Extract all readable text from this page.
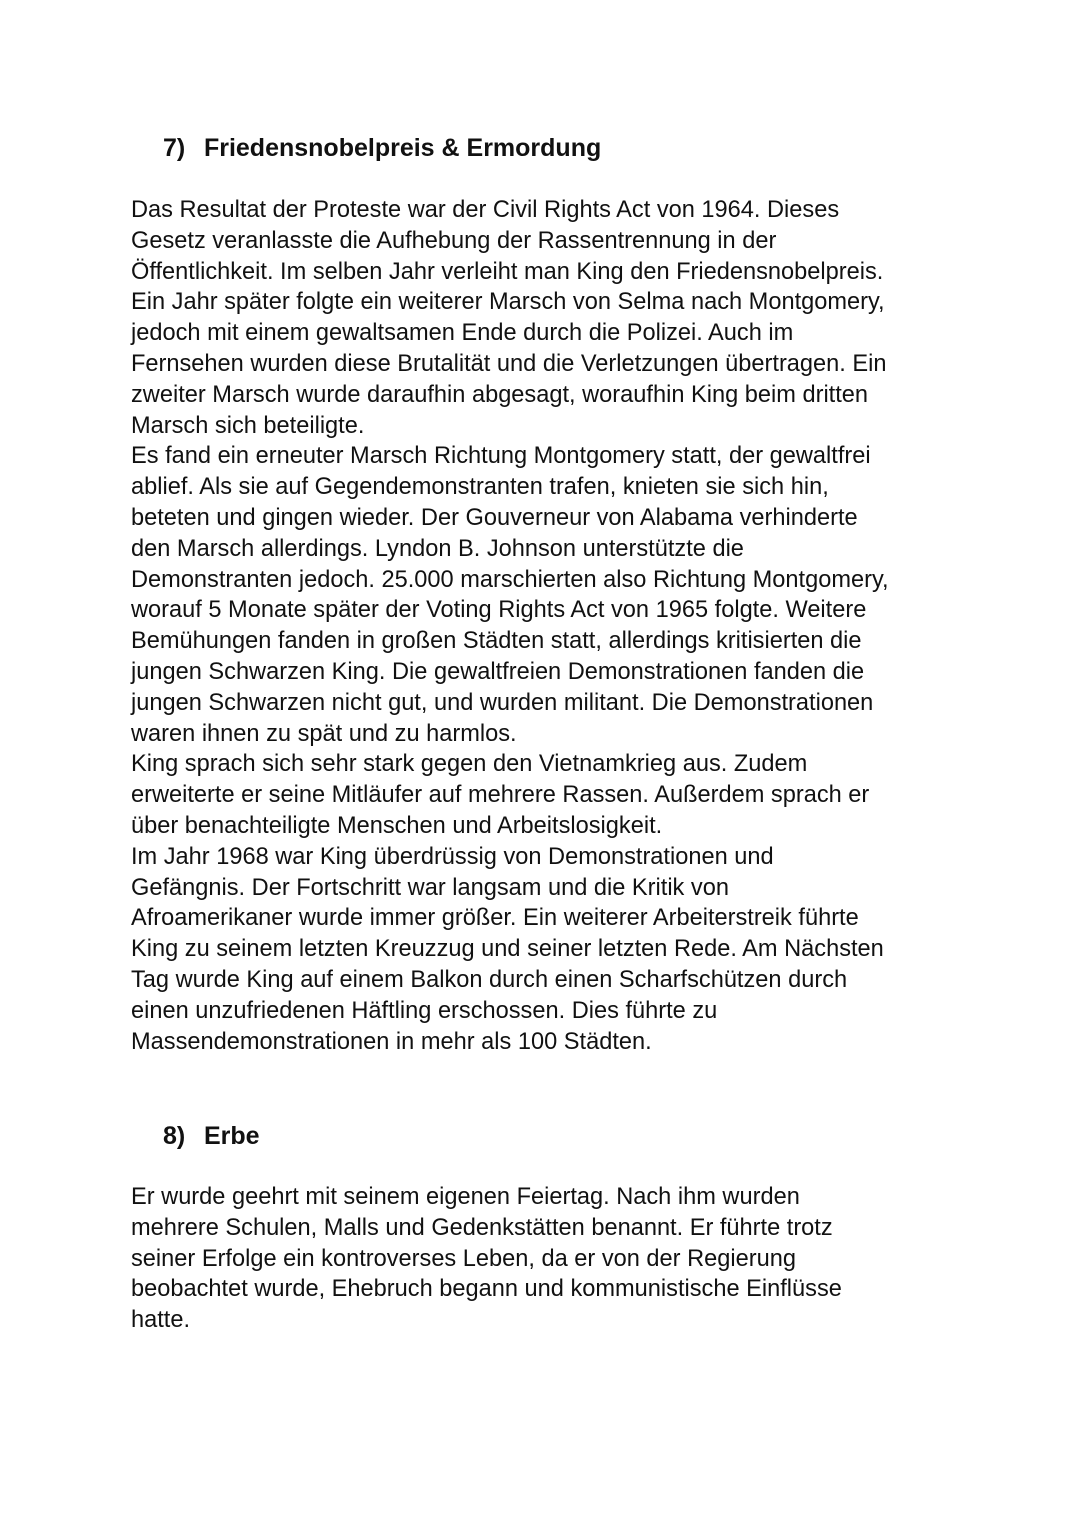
7) Friedensnobelpreis & Ermordung
Das Resultat der Proteste war der Civil Rights Act von 1964. Dieses
Gesetz veranlasste die Aufhebung der Rassentrennung in der
Öffentlichkeit. Im selben Jahr verleiht man King den Friedensnobelpreis.
Ein Jahr später folgte ein weiterer Marsch von Selma nach Montgomery,
jedoch mit einem gewaltsamen Ende durch die Polizei. Auch im
Fernsehen wurden diese Brutalität und die Verletzungen übertragen. Ein
zweiter Marsch wurde daraufhin abgesagt, woraufhin King beim dritten
Marsch sich beteiligte.
Es fand ein erneuter Marsch Richtung Montgomery statt, der gewaltfrei
ablief. Als sie auf Gegendemonstranten trafen, knieten sie sich hin,
beteten und gingen wieder. Der Gouverneur von Alabama verhinderte
den Marsch allerdings. Lyndon B. Johnson unterstützte die
Demonstranten jedoch. 25.000 marschierten also Richtung Montgomery,
worauf 5 Monate später der Voting Rights Act von 1965 folgte. Weitere
Bemühungen fanden in großen Städten statt, allerdings kritisierten die
jungen Schwarzen King. Die gewaltfreien Demonstrationen fanden die
jungen Schwarzen nicht gut, und wurden militant. Die Demonstrationen
waren ihnen zu spät und zu harmlos.
King sprach sich sehr stark gegen den Vietnamkrieg aus. Zudem
erweiterte er seine Mitläufer auf mehrere Rassen. Außerdem sprach er
über benachteiligte Menschen und Arbeitslosigkeit.
Im Jahr 1968 war King überdrüssig von Demonstrationen und
Gefängnis. Der Fortschritt war langsam und die Kritik von
Afroamerikaner wurde immer größer. Ein weiterer Arbeiterstreik führte
King zu seinem letzten Kreuzzug und seiner letzten Rede. Am Nächsten
Tag wurde King auf einem Balkon durch einen Scharfschützen durch
einen unzufriedenen Häftling erschossen. Dies führte zu
Massendemonstrationen in mehr als 100 Städten.
8) Erbe
Er wurde geehrt mit seinem eigenen Feiertag. Nach ihm wurden
mehrere Schulen, Malls und Gedenkstätten benannt. Er führte trotz
seiner Erfolge ein kontroverses Leben, da er von der Regierung
beobachtet wurde, Ehebruch begann und kommunistische Einflüsse
hatte.
